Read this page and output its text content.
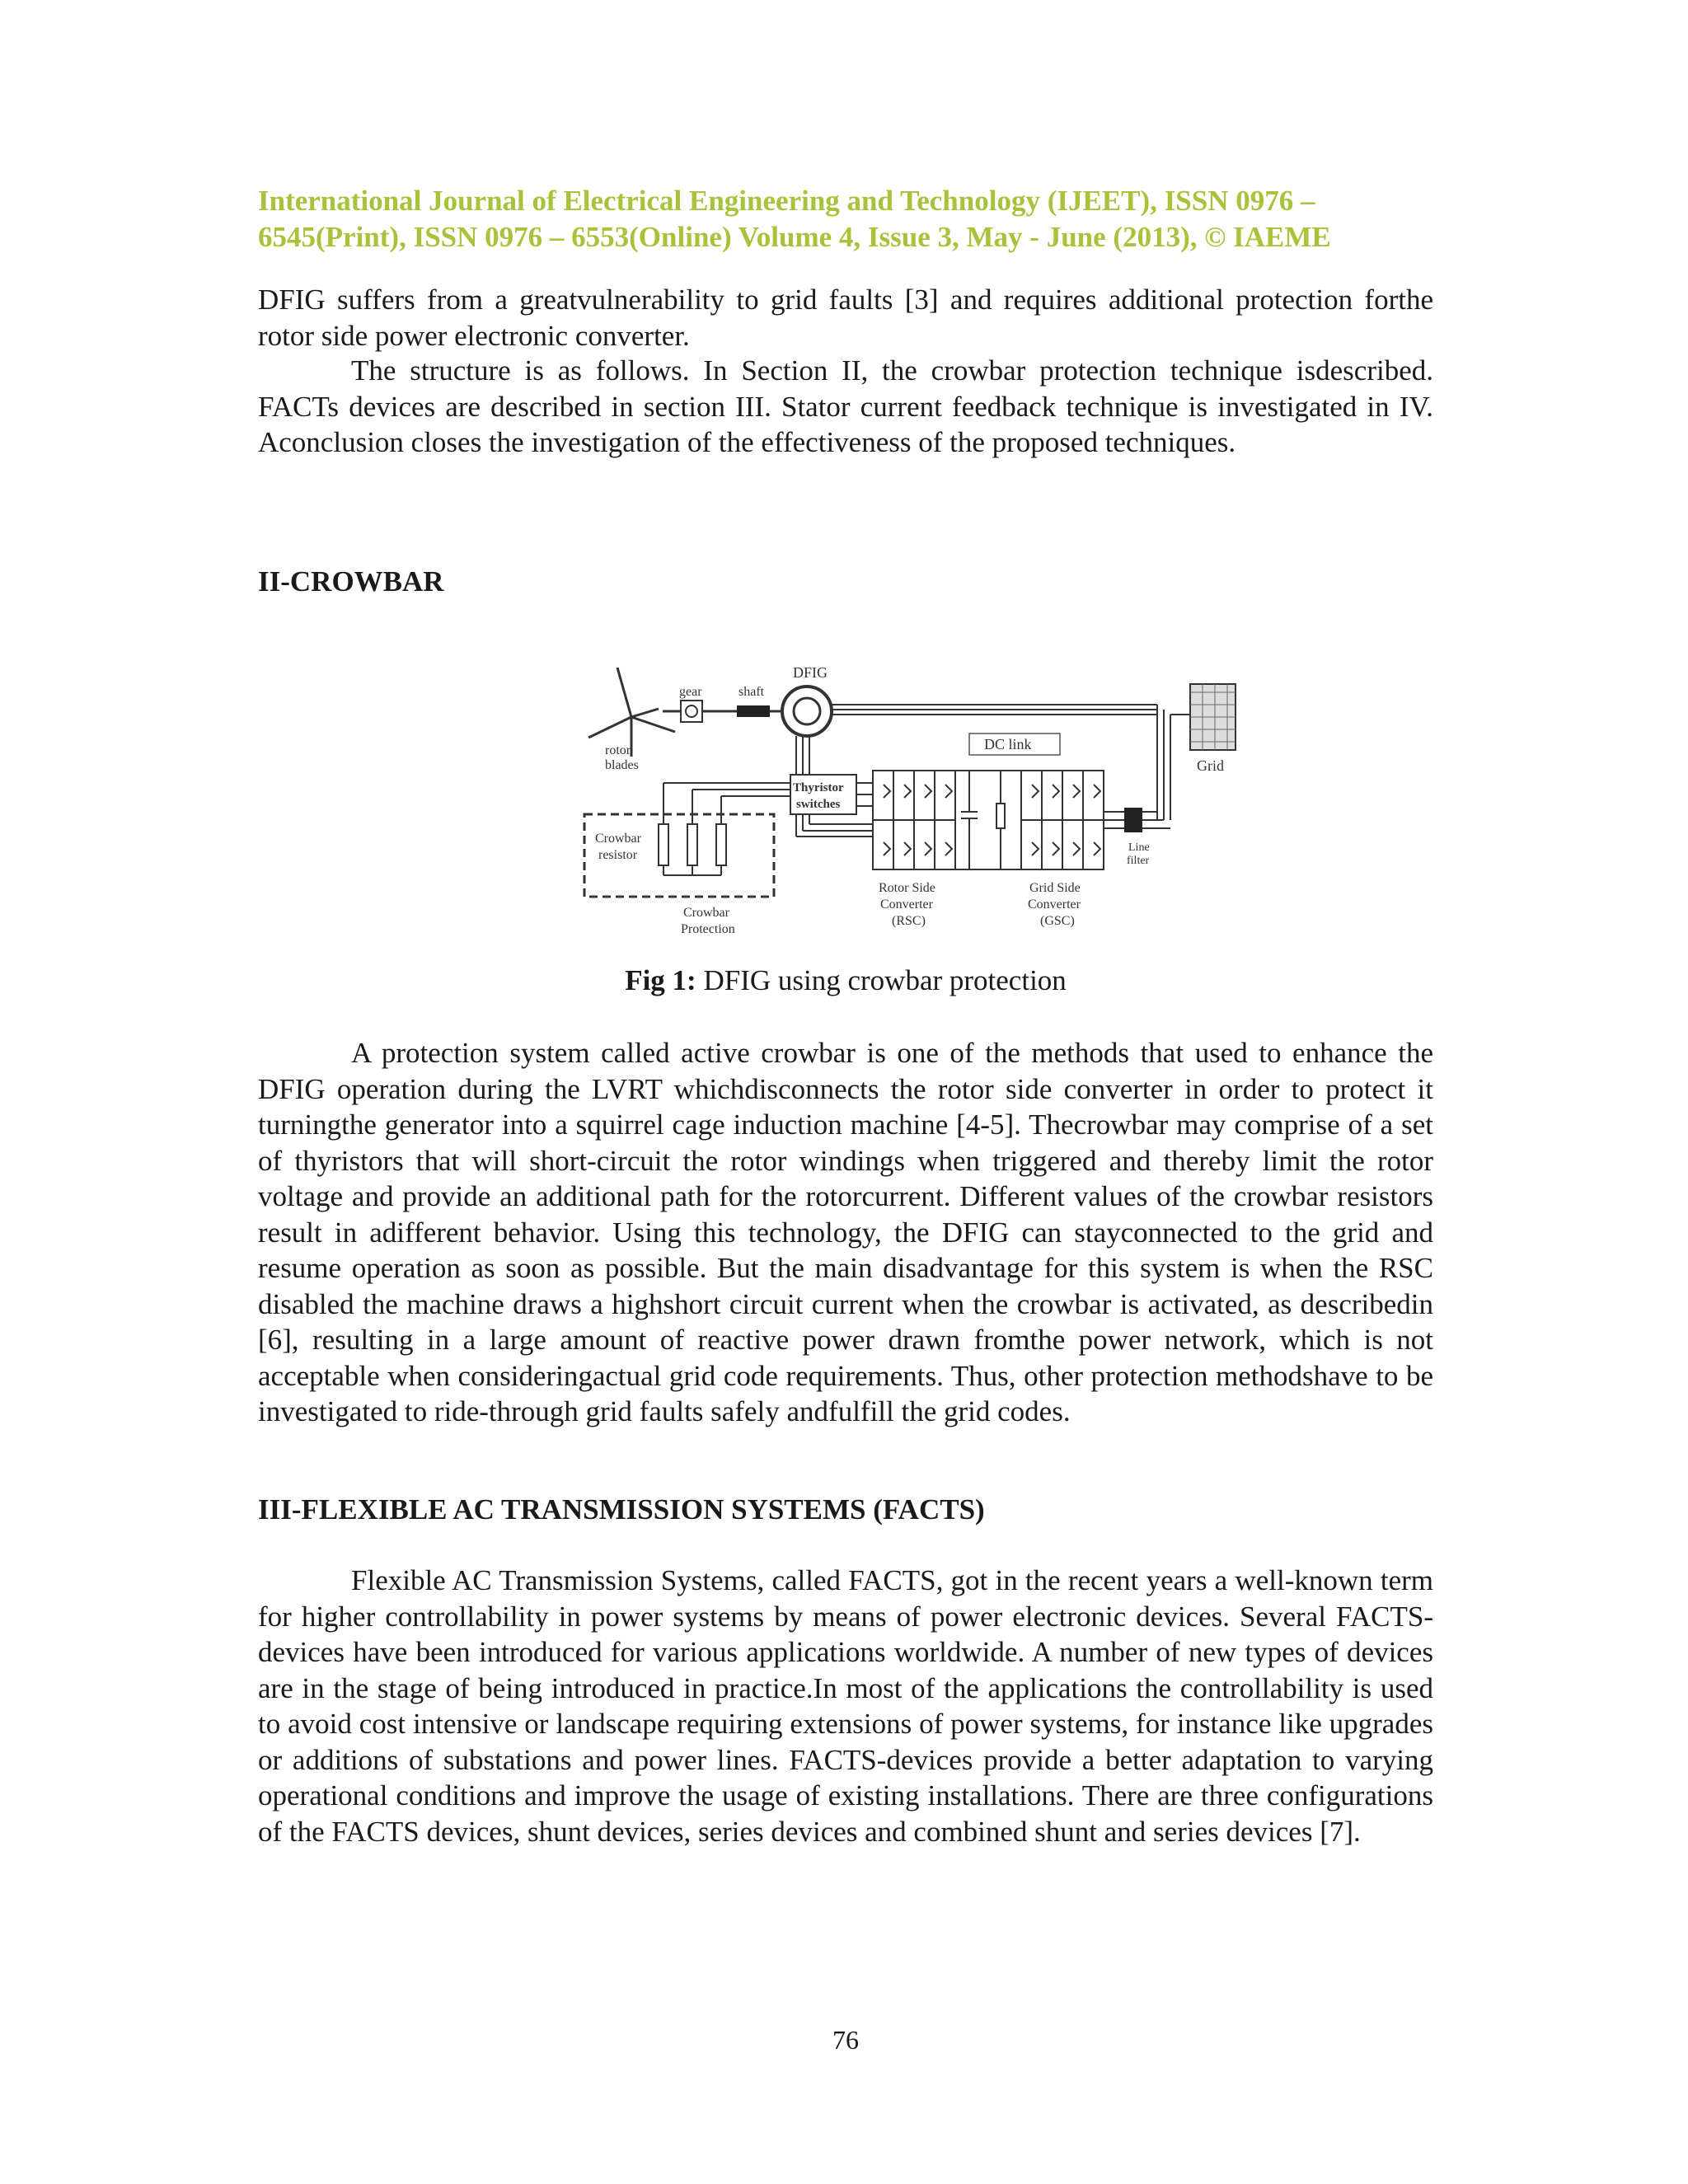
International Journal of Electrical Engineering and Technology (IJEET), ISSN 0976 –
6545(Print), ISSN 0976 – 6553(Online) Volume 4, Issue 3, May - June (2013), © IAEME

DFIG suffers from a greatvulnerability to grid faults [3] and requires additional protection forthe rotor side power electronic converter.

The structure is as follows. In Section II, the crowbar protection technique isdescribed. FACTs devices are described in section III. Stator current feedback technique is investigated in IV. Aconclusion closes the investigation of the effectiveness of the proposed techniques.

II-CROWBAR
rotor
blades
gear	shaft
DFIG
Grid
DC link
Thyristor
switches
Crowbar
resistor
Crowbar
Protection
Line
filter
Rotor Side
Converter
(RSC)
Grid Side
Converter
(GSC)

Fig 1: DFIG using crowbar protection

A protection system called active crowbar is one of the methods that used to enhance the DFIG operation during the LVRT whichdisconnects the rotor side converter in order to protect it turningthe generator into a squirrel cage induction machine [4-5]. Thecrowbar may comprise of a set of thyristors that will short-circuit the rotor windings when triggered and thereby limit the rotor voltage and provide an additional path for the rotorcurrent. Different values of the crowbar resistors result in adifferent behavior. Using this technology, the DFIG can stayconnected to the grid and resume operation as soon as possible. But the main disadvantage for this system is when the RSC disabled the machine draws a highshort circuit current when the crowbar is activated, as describedin [6], resulting in a large amount of reactive power drawn fromthe power network, which is not acceptable when consideringactual grid code requirements. Thus, other protection methodshave to be investigated to ride-through grid faults safely andfulfill the grid codes.

III-FLEXIBLE AC TRANSMISSION SYSTEMS (FACTS)

Flexible AC Transmission Systems, called FACTS, got in the recent years a well-known term for higher controllability in power systems by means of power electronic devices. Several FACTS-devices have been introduced for various applications worldwide. A number of new types of devices are in the stage of being introduced in practice.In most of the applications the controllability is used to avoid cost intensive or landscape requiring extensions of power systems, for instance like upgrades or additions of substations and power lines. FACTS-devices provide a better adaptation to varying operational conditions and improve the usage of existing installations. There are three configurations of the FACTS devices, shunt devices, series devices and combined shunt and series devices [7].

76
